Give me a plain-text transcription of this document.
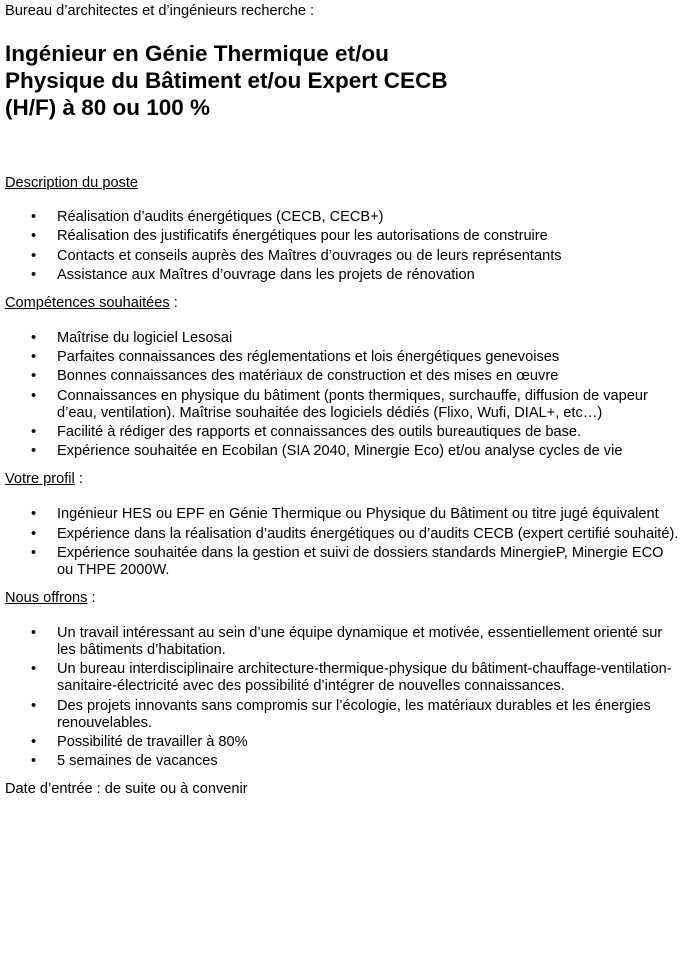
Bureau d’architectes et d’ingénieurs recherche :

Ingénieur en Génie Thermique et/ou
Physique du Bâtiment et/ou Expert CECB
(H/F) à 80 ou 100 %

Description du poste

• Réalisation d’audits énergétiques (CECB, CECB+)
• Réalisation des justificatifs énergétiques pour les autorisations de construire
• Contacts et conseils auprès des Maîtres d’ouvrages ou de leurs représentants
• Assistance aux Maîtres d’ouvrage dans les projets de rénovation

Compétences souhaitées :

• Maîtrise du logiciel Lesosai
• Parfaites connaissances des réglementations et lois énergétiques genevoises
• Bonnes connaissances des matériaux de construction et des mises en œuvre
• Connaissances en physique du bâtiment (ponts thermiques, surchauffe, diffusion de vapeur d’eau, ventilation). Maîtrise souhaitée des logiciels dédiés (Flixo, Wufi, DIAL+, etc…)
• Facilité à rédiger des rapports et connaissances des outils bureautiques de base.
• Expérience souhaitée en Ecobilan (SIA 2040, Minergie Eco) et/ou analyse cycles de vie

Votre profil :

• Ingénieur HES ou EPF en Génie Thermique ou Physique du Bâtiment ou titre jugé équivalent
• Expérience dans la réalisation d’audits énergétiques ou d’audits CECB (expert certifié souhaité).
• Expérience souhaitée dans la gestion et suivi de dossiers standards MinergieP, Minergie ECO ou THPE 2000W.

Nous offrons :

• Un travail intéressant au sein d’une équipe dynamique et motivée, essentiellement orienté sur les bâtiments d’habitation.
• Un bureau interdisciplinaire architecture-thermique-physique du bâtiment-chauffage-ventilation-sanitaire-électricité avec des possibilité d’intégrer de nouvelles connaissances.
• Des projets innovants sans compromis sur l’écologie, les matériaux durables et les énergies renouvelables.
• Possibilité de travailler à 80%
• 5 semaines de vacances

Date d’entrée : de suite ou à convenir
